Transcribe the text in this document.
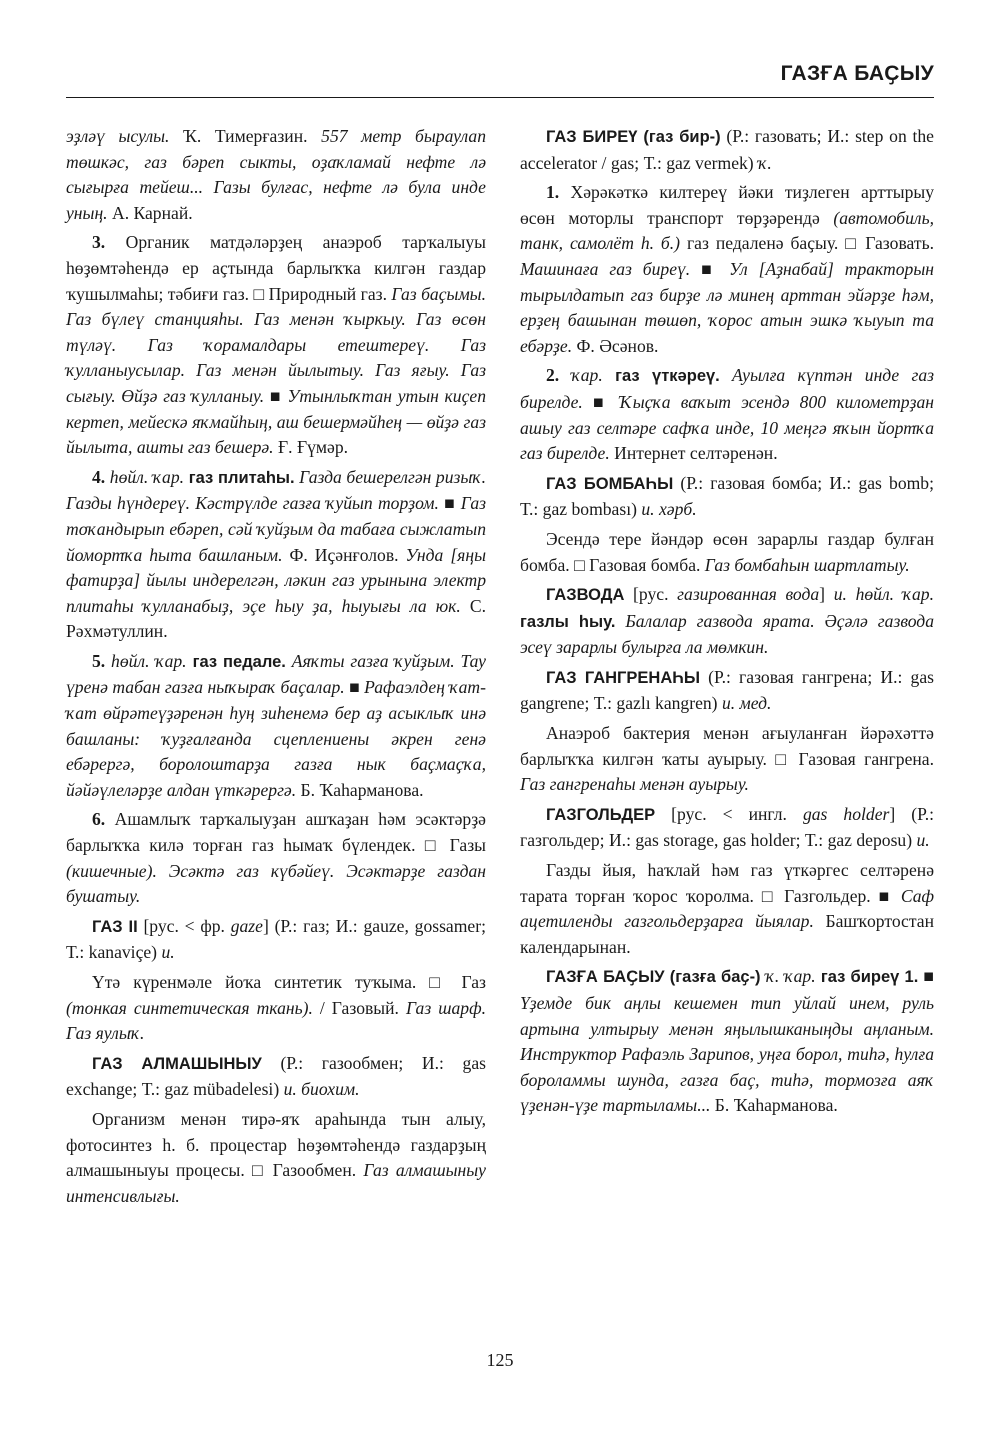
ГАЗҒА БАҪЫУ

эҙләү ысулы. Ҡ. Тимерғазин. 557 метр быраулап төшкәс, газ бәреп сыкты, оҙаҡламай нефте лә сығырға тейеш... Газы булғас, нефте лә була инде уның. А. Карнай.

3. Органик матдәләрҙең анаэроб тарҡалыуы һөҙөмтәһендә ер аҫтында барлыҡҡа килгән газдар ҡушылмаһы; тәбиғи газ. □ Природный газ. Газ баҫымы. Газ бүлеү станцияһы. Газ менән ҡыркыу. Газ өсөн түләү. Газ ҡорамалдары етештереү. Газ ҡулланыусылар. Газ менән йылытыу. Газ яғыу. Газ сығыу. Өйҙә газ ҡулланыу. ■ Утынлыҡтан утын киҫеп кертеп, мейескә яҡмайһың, аш бешермәйһең — өйҙә газ йылыта, ашты газ бешерә. Ғ. Ғүмәр.

4. һөйл. ҡар. газ плитаһы. Газда бешерелгән ризыҡ. Газды һүндереү. Кәстрүлде газға ҡуйып торҙом. ■ Газ тоҡандырып ебәреп, сәй ҡуйҙым да табаға сыжлатып йомортҡа һыта башланым. Ф. Иҫәнғолов. Унда [яңы фатирҙа] йылы индерелгән, ләкин газ урынына электр плитаһы ҡулланабыҙ, эҫе һыу ҙа, һыуығы ла юк. С. Рәхмәтуллин.

5. һөйл. ҡар. газ педале. Аяҡты газға ҡуйҙым. Тау үренә табан газға ныҡыраҡ баҫалар. ■ Рафаэлдең ҡат-ҡат өйрәтеүҙәренән һуң зиһенемә бер аҙ асыклыҡ инә башланы: ҡуҙғалғанда сцеплениены әкрен генә ебәрергә, боролоштарҙа газға нык баҫмаҫҡа, йәйәүлеләрҙе алдан үткәрергә. Б. Ҡаһарманова.

6. Ашамлыҡ тарҡалыуҙан ашҡаҙан һәм эсәктәрҙә барлыҡҡа килә торған газ һымаҡ бүлендек. □ Газы (кишечные). Эсәктә газ күбәйеү. Эсәктәрҙе газдан бушатыу.

ГАЗ II [рус. < фр. gaze] (Р.: газ; И.: gauze, gossamer; Т.: kanaviçe) и.

Үтә күренмәле йоҡа синтетик туҡыма. □ Газ (тонкая синтетическая ткань). / Газовый. Газ шарф. Газ яулыҡ.

ГАЗ АЛМАШЫНЫУ (Р.: газообмен; И.: gas exchange; Т.: gaz mübadelesi) и. биохим.

Организм менән тирә-яҡ араһында тын алыу, фотосинтез һ. б. процестар һөҙөмтәһендә газдарҙың алмашыныуы процесы. □ Газообмен. Газ алмашыныу интенсивлығы.

ГАЗ БИРЕҮ (газ бир-) (Р.: газовать; И.: step on the accelerator / gas; Т.: gaz vermek) ҡ.

1. Хәрәкәткә килтереү йәки тиҙлеген арттырыу өсөн моторлы транспорт төрҙәрендә (автомобиль, танк, самолёт һ. б.) газ педаленә баҫыу. □ Газовать. Машинаға газ биреү. ■ Ул [Аҙнабай] тракторын тырылдатып газ бирҙе лә минең арттан эйәрҙе һәм, ерҙең башынан төшөп, ҡорос атын эшкә ҡыуып та ебәрҙе. Ф. Әсәнов.

2. ҡар. газ үткәреү. Ауылға күптән инде газ бирелде. ■ Ҡыҫҡа ваҡыт эсендә 800 километрҙан ашыу газ селтәре сафҡа инде, 10 меңгә яҡын йортҡа газ бирелде. Интернет селтәренән.

ГАЗ БОМБАҺЫ (Р.: газовая бомба; И.: gas bomb; Т.: gaz bombası) и. хәрб.

Эсендә тере йәндәр өсөн зарарлы газдар булған бомба. □ Газовая бомба. Газ бомбаһын шартлатыу.

ГАЗВОДА [рус. газированная вода] и. һөйл. ҡар. газлы һыу. Балалар газвода ярата. Әҫәлә газвода эсеү зарарлы булырға ла мөмкин.

ГАЗ ГАНГРЕНАҺЫ (Р.: газовая гангрена; И.: gas gangrene; Т.: gazlı kangren) и. мед.

Анаэроб бактерия менән ағыуланған йәрәхәттә барлыҡҡа килгән ҡаты ауырыу. □ Газовая гангрена. Газ гангренаһы менән ауырыу.

ГАЗГОЛЬДЕР [рус. < ингл. gas holder] (Р.: газгольдер; И.: gas storage, gas holder; Т.: gaz deposu) и.

Газды йыя, һаҡлай һәм газ үткәргес селтәренә тарата торған ҡорос ҡоролма. □ Газгольдер. ■ Саф ацетиленды газгольдерҙарға йыялар. Башҡортостан календарынан.

ГАЗҒА БАҪЫУ (газға баҫ-) ҡ. ҡар. газ биреү 1. ■ Үҙемде бик аңлы кешемен тип уйлай инем, руль артына ултырыу менән яңылышканыңды аңланым. Инструктор Рафаэль Зарипов, уңға борол, тиһә, һулға бороламмы шунда, газға баҫ, тиһә, тормозға аяҡ үҙенән-үҙе тартыламы... Б. Ҡаһарманова.

125
